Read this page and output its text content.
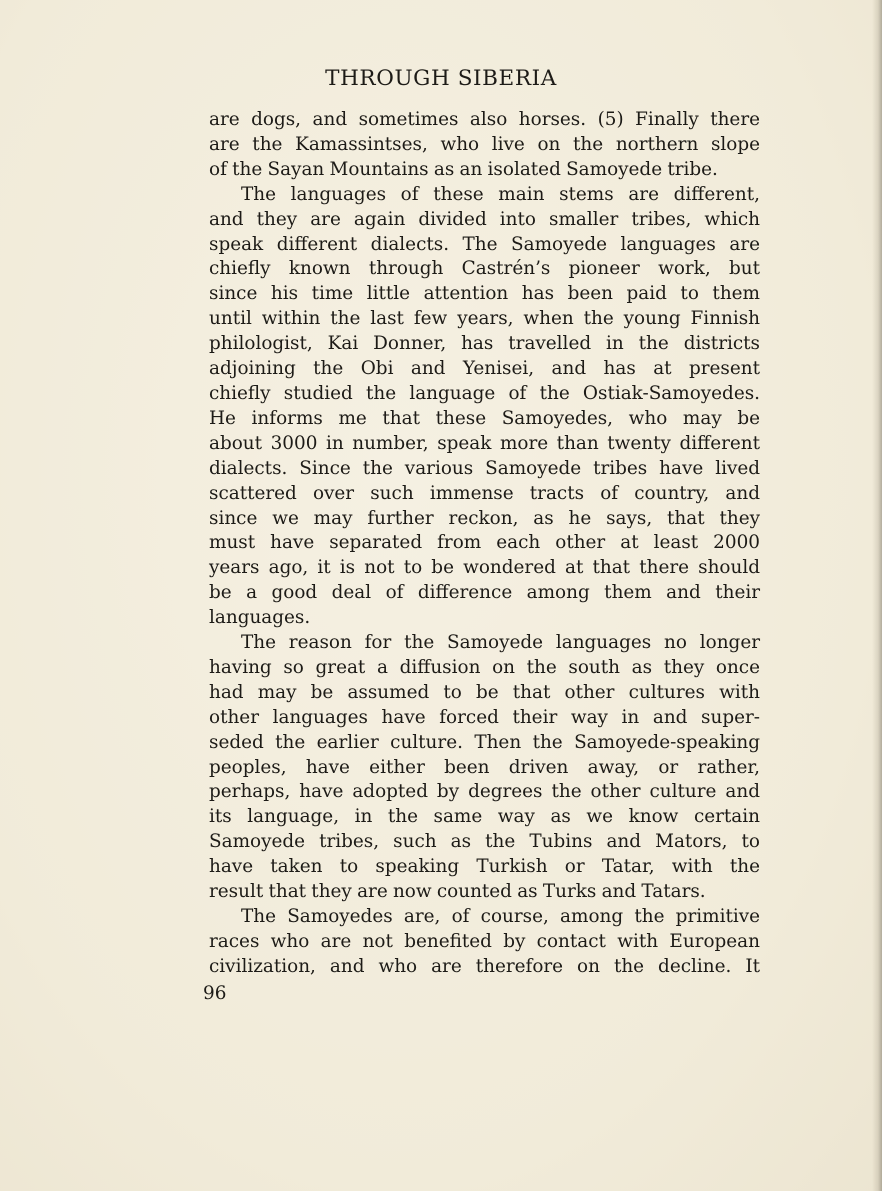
THROUGH SIBERIA
are dogs, and sometimes also horses. (5) Finally there
are the Kamassintses, who live on the northern slope
of the Sayan Mountains as an isolated Samoyede tribe.
The languages of these main stems are different,
and they are again divided into smaller tribes, which
speak different dialects. The Samoyede languages are
chiefly known through Castrén’s pioneer work, but
since his time little attention has been paid to them
until within the last few years, when the young Finnish
philologist, Kai Donner, has travelled in the districts
adjoining the Obi and Yenisei, and has at present
chiefly studied the language of the Ostiak-Samoyedes.
He informs me that these Samoyedes, who may be
about 3000 in number, speak more than twenty different
dialects. Since the various Samoyede tribes have lived
scattered over such immense tracts of country, and
since we may further reckon, as he says, that they
must have separated from each other at least 2000
years ago, it is not to be wondered at that there should
be a good deal of difference among them and their
languages.
The reason for the Samoyede languages no longer
having so great a diffusion on the south as they once
had may be assumed to be that other cultures with
other languages have forced their way in and super-
seded the earlier culture. Then the Samoyede-speaking
peoples, have either been driven away, or rather,
perhaps, have adopted by degrees the other culture and
its language, in the same way as we know certain
Samoyede tribes, such as the Tubins and Mators, to
have taken to speaking Turkish or Tatar, with the
result that they are now counted as Turks and Tatars.
The Samoyedes are, of course, among the primitive
races who are not benefited by contact with European
civilization, and who are therefore on the decline. It
96
